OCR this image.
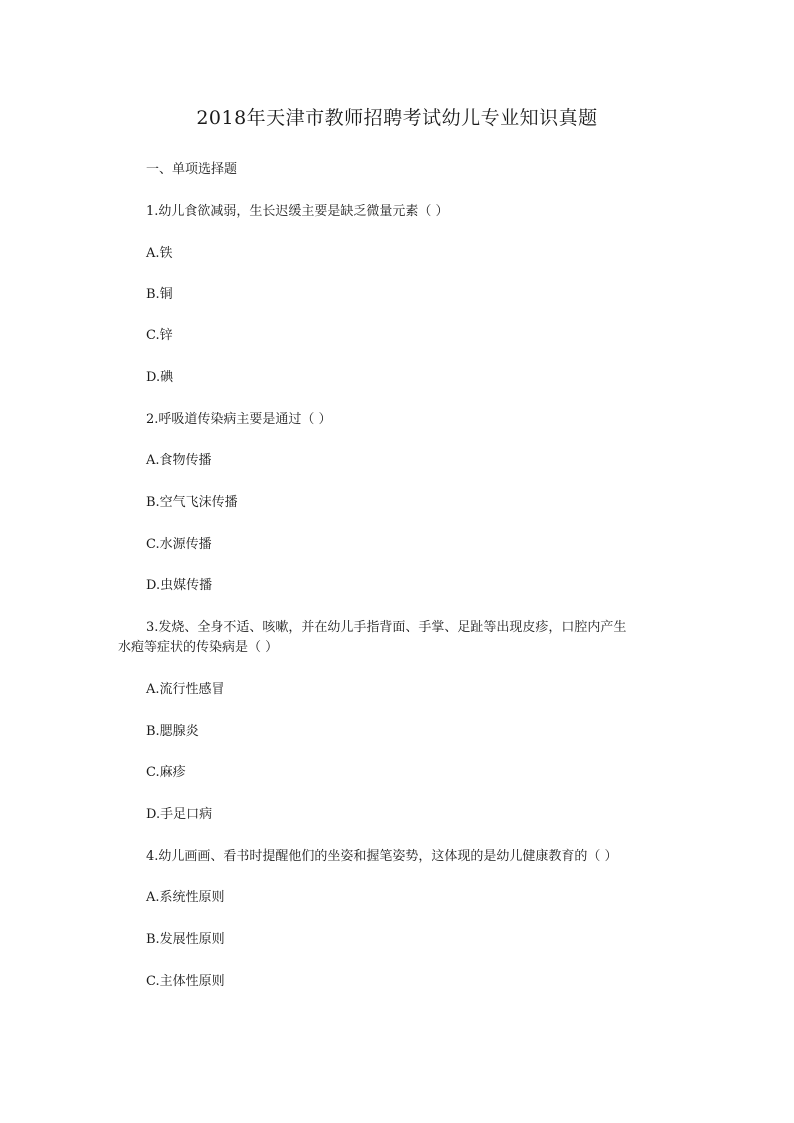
2018年天津市教师招聘考试幼儿专业知识真题
一、单项选择题
1.幼儿食欲减弱，生长迟缓主要是缺乏微量元素（ ）
A.铁
B.铜
C.锌
D.碘
2.呼吸道传染病主要是通过（ ）
A.食物传播
B.空气飞沫传播
C.水源传播
D.虫媒传播
3.发烧、全身不适、咳嗽，并在幼儿手指背面、手掌、足趾等出现皮疹，口腔内产生
水疱等症状的传染病是（ ）
A.流行性感冒
B.腮腺炎
C.麻疹
D.手足口病
4.幼儿画画、看书时提醒他们的坐姿和握笔姿势，这体现的是幼儿健康教育的（ ）
A.系统性原则
B.发展性原则
C.主体性原则
